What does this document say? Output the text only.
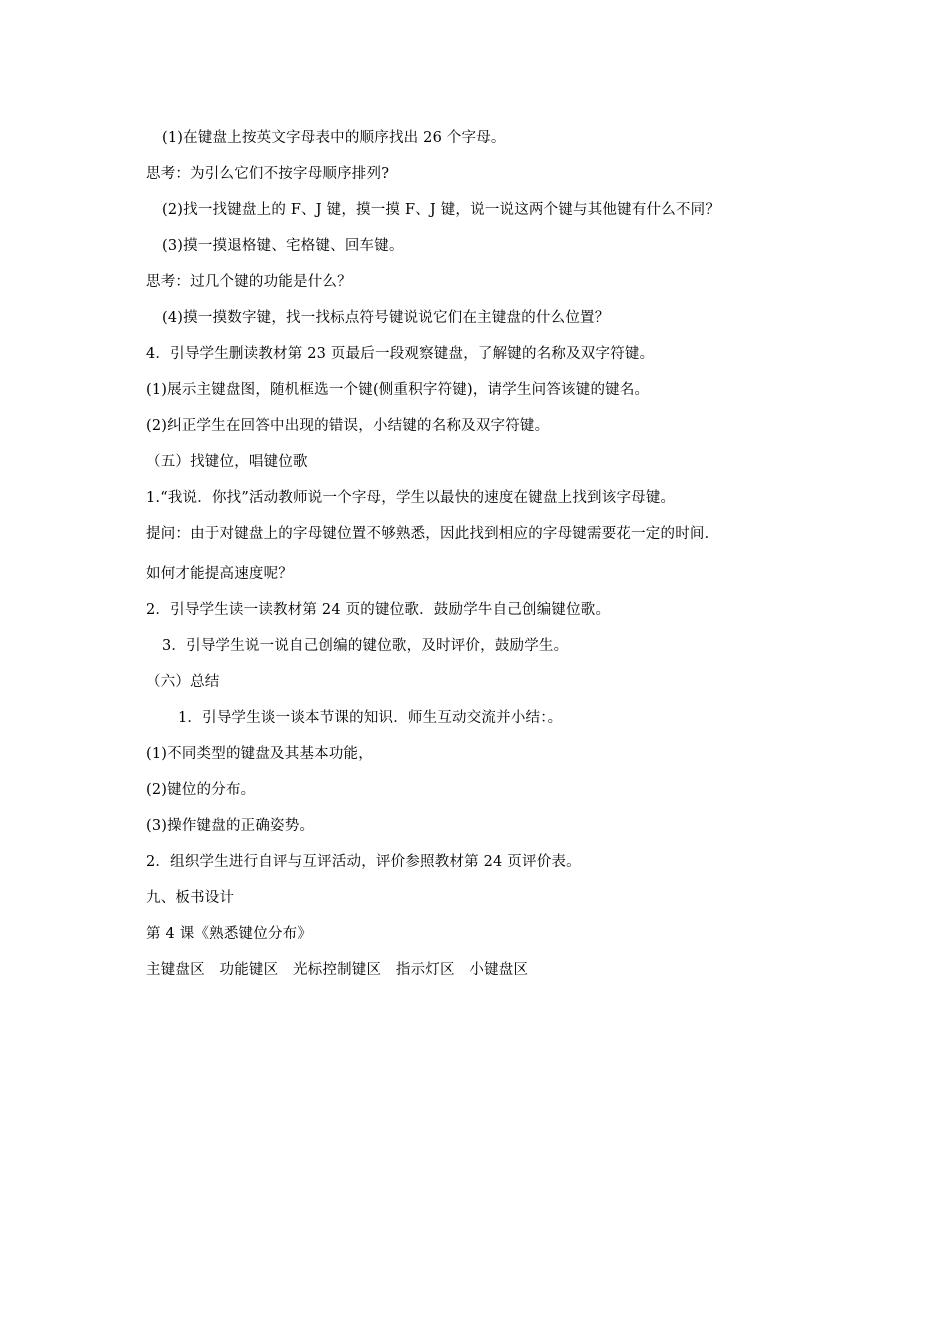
(1)在键盘上按英文字母表中的顺序找出 26 个字母。
思考：为引么它们不按字母顺序排列?
(2)找一找键盘上的 F、J 键，摸一摸 F、J 键，说一说这两个键与其他键有什么不同？
(3)摸一摸退格键、宅格键、回车键。
思考：过几个键的功能是什么？
(4)摸一摸数字键，找一找标点符号键说说它们在主键盘的什么位置？
4．引导学生删读教材第 23 页最后一段观察键盘，了解键的名称及双字符键。
(1)展示主键盘图，随机框选一个键(侧重积字符键)，请学生问答该键的键名。
(2)纠正学生在回答中出现的错误，小结键的名称及双字符键。
（五）找键位，唱键位歌
1.“我说．你找”活动教师说一个字母，学生以最快的速度在键盘上找到该字母键。
提问：由于对键盘上的字母键位置不够熟悉，因此找到相应的字母键需要花一定的时间．
如何才能提高速度呢？
2．引导学生读一读教材第 24 页的键位歌．鼓励学牛自己创编键位歌。
3．引导学生说一说自己创编的键位歌，及时评价，鼓励学生。
（六）总结
1．引导学生谈一谈本节课的知识．师生互动交流并小结：。
(1)不同类型的键盘及其基本功能，
(2)键位的分布。
(3)操作键盘的正确姿势。
2．组织学生进行自评与互评活动，评价参照教材第 24 页评价表。
九、板书设计
第 4 课《熟悉键位分布》
主键盘区　功能键区　光标控制键区　指示灯区　小键盘区
